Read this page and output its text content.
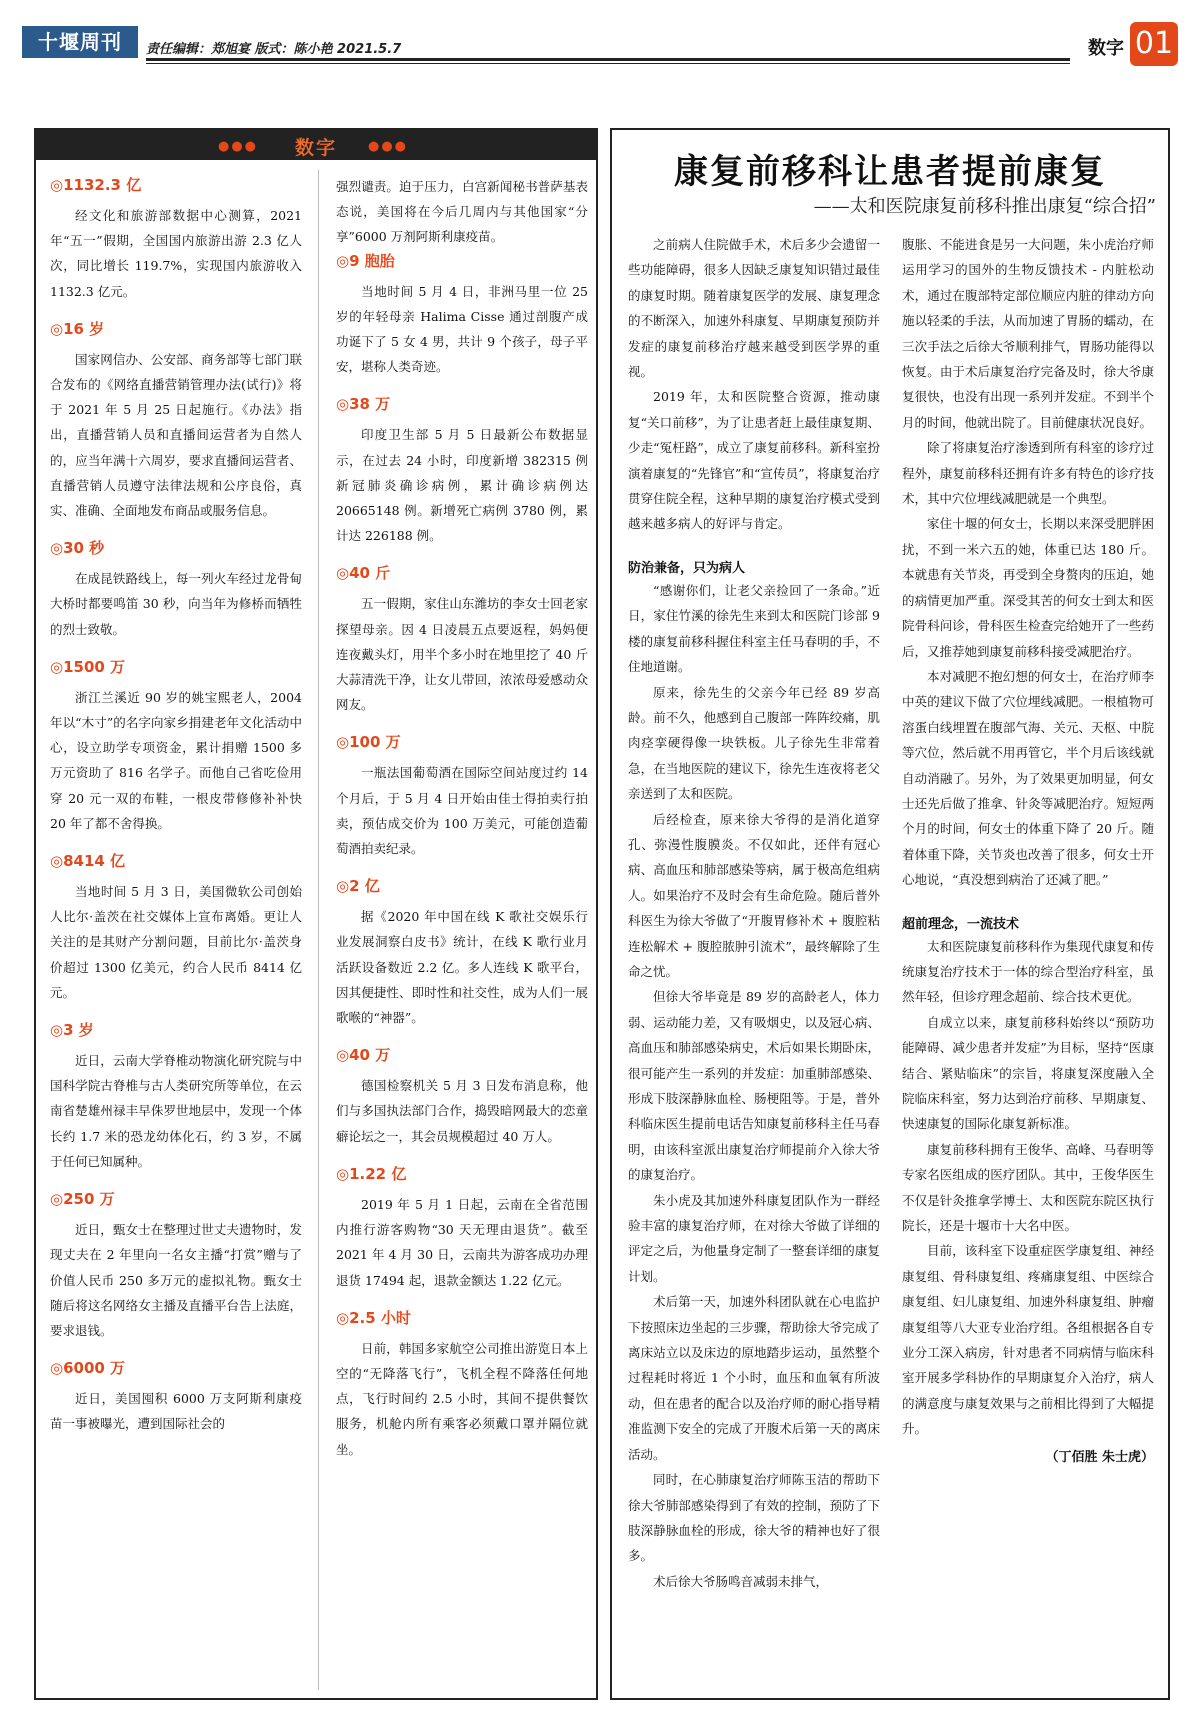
十堰周刊	责任编辑：郑旭宴 版式：陈小艳 2021.5.7	数字 01
●●●	数字	●●●
◎1132.3 亿

经文化和旅游部数据中心测算，2021 年“五一”假期，全国国内旅游出游 2.3 亿人次，同比增长 119.7%，实现国内旅游收入 1132.3 亿元。

◎16 岁

国家网信办、公安部、商务部等七部门联合发布的《网络直播营销管理办法(试行)》将于 2021 年 5 月 25 日起施行。《办法》指出，直播营销人员和直播间运营者为自然人的，应当年满十六周岁，要求直播间运营者、直播营销人员遵守法律法规和公序良俗，真实、准确、全面地发布商品或服务信息。

◎30 秒

在成昆铁路线上，每一列火车经过龙骨甸大桥时都要鸣笛 30 秒，向当年为修桥而牺牲的烈士致敬。

◎1500 万

浙江兰溪近 90 岁的姚宝熙老人，2004 年以“木寸”的名字向家乡捐建老年文化活动中心，设立助学专项资金，累计捐赠 1500 多万元资助了 816 名学子。而他自己省吃俭用穿 20 元一双的布鞋，一根皮带修修补补快 20 年了都不舍得换。

◎8414 亿

当地时间 5 月 3 日，美国微软公司创始人比尔·盖茨在社交媒体上宣布离婚。更让人关注的是其财产分割问题，目前比尔·盖茨身价超过 1300 亿美元，约合人民币 8414 亿元。

◎3 岁

近日，云南大学脊椎动物演化研究院与中国科学院古脊椎与古人类研究所等单位，在云南省楚雄州禄丰早侏罗世地层中，发现一个体长约 1.7 米的恐龙幼体化石，约 3 岁，不属于任何已知属种。

◎250 万

近日，甄女士在整理过世丈夫遗物时，发现丈夫在 2 年里向一名女主播“打赏”赠与了价值人民币 250 多万元的虚拟礼物。甄女士随后将这名网络女主播及直播平台告上法庭，要求退钱。

◎6000 万

近日，美国囤积 6000 万支阿斯利康疫苗一事被曝光，遭到国际社会的

强烈谴责。迫于压力，白宫新闻秘书普萨基表态说，美国将在今后几周内与其他国家“分享”6000 万剂阿斯利康疫苗。

◎9 胞胎

当地时间 5 月 4 日，非洲马里一位 25 岁的年轻母亲 Halima Cisse 通过剖腹产成功诞下了 5 女 4 男，共计 9 个孩子，母子平安，堪称人类奇迹。

◎38 万

印度卫生部 5 月 5 日最新公布数据显示，在过去 24 小时，印度新增 382315 例新冠肺炎确诊病例，累计确诊病例达 20665148 例。新增死亡病例 3780 例，累计达 226188 例。

◎40 斤

五一假期，家住山东潍坊的李女士回老家探望母亲。因 4 日凌晨五点要返程，妈妈便连夜戴头灯，用半个多小时在地里挖了 40 斤大蒜清洗干净，让女儿带回，浓浓母爱感动众网友。

◎100 万

一瓶法国葡萄酒在国际空间站度过约 14 个月后，于 5 月 4 日开始由佳士得拍卖行拍卖，预估成交价为 100 万美元，可能创造葡萄酒拍卖纪录。

◎2 亿

据《2020 年中国在线 K 歌社交娱乐行业发展洞察白皮书》统计，在线 K 歌行业月活跃设备数近 2.2 亿。多人连线 K 歌平台，因其便捷性、即时性和社交性，成为人们一展歌喉的“神器”。

◎40 万

德国检察机关 5 月 3 日发布消息称，他们与多国执法部门合作，捣毁暗网最大的恋童癖论坛之一，其会员规模超过 40 万人。

◎1.22 亿

2019 年 5 月 1 日起，云南在全省范围内推行游客购物“30 天无理由退货”。截至 2021 年 4 月 30 日，云南共为游客成功办理退货 17494 起，退款金额达 1.22 亿元。

◎2.5 小时

日前，韩国多家航空公司推出游览日本上空的“无降落飞行”，飞机全程不降落任何地点，飞行时间约 2.5 小时，其间不提供餐饮服务，机舱内所有乘客必须戴口罩并隔位就坐。

康复前移科让患者提前康复
——太和医院康复前移科推出康复“综合招”

之前病人住院做手术，术后多少会遗留一些功能障碍，很多人因缺乏康复知识错过最佳的康复时期。随着康复医学的发展、康复理念的不断深入，加速外科康复、早期康复预防并发症的康复前移治疗越来越受到医学界的重视。

2019 年，太和医院整合资源，推动康复“关口前移”，为了让患者赶上最佳康复期、少走“冤枉路”，成立了康复前移科。新科室扮演着康复的“先锋官”和“宣传员”，将康复治疗贯穿住院全程，这种早期的康复治疗模式受到越来越多病人的好评与肯定。

防治兼备，只为病人

“感谢你们，让老父亲捡回了一条命。”近日，家住竹溪的徐先生来到太和医院门诊部 9 楼的康复前移科握住科室主任马春明的手，不住地道谢。

原来，徐先生的父亲今年已经 89 岁高龄。前不久，他感到自己腹部一阵阵绞痛，肌肉痉挛硬得像一块铁板。儿子徐先生非常着急，在当地医院的建议下，徐先生连夜将老父亲送到了太和医院。

后经检查，原来徐大爷得的是消化道穿孔、弥漫性腹膜炎。不仅如此，还伴有冠心病、高血压和肺部感染等病，属于极高危组病人。如果治疗不及时会有生命危险。随后普外科医生为徐大爷做了“开腹胃修补术 + 腹腔粘连松解术 + 腹腔脓肿引流术”，最终解除了生命之忧。

但徐大爷毕竟是 89 岁的高龄老人，体力弱、运动能力差，又有吸烟史，以及冠心病、高血压和肺部感染病史，术后如果长期卧床，很可能产生一系列的并发症：加重肺部感染、形成下肢深静脉血栓、肠梗阻等。于是，普外科临床医生提前电话告知康复前移科主任马春明，由该科室派出康复治疗师提前介入徐大爷的康复治疗。

朱小虎及其加速外科康复团队作为一群经验丰富的康复治疗师，在对徐大爷做了详细的评定之后，为他量身定制了一整套详细的康复计划。

术后第一天，加速外科团队就在心电监护下按照床边坐起的三步骤，帮助徐大爷完成了离床站立以及床边的原地踏步运动，虽然整个过程耗时将近 1 个小时，血压和血氧有所波动，但在患者的配合以及治疗师的耐心指导精准监测下安全的完成了开腹术后第一天的离床活动。

同时，在心肺康复治疗师陈玉洁的帮助下徐大爷肺部感染得到了有效的控制，预防了下肢深静脉血栓的形成，徐大爷的精神也好了很多。

术后徐大爷肠鸣音减弱未排气，

腹胀、不能进食是另一大问题，朱小虎治疗师运用学习的国外的生物反馈技术 - 内脏松动术，通过在腹部特定部位顺应内脏的律动方向施以轻柔的手法，从而加速了胃肠的蠕动，在三次手法之后徐大爷顺利排气，胃肠功能得以恢复。由于术后康复治疗完备及时，徐大爷康复很快，也没有出现一系列并发症。不到半个月的时间，他就出院了。目前健康状况良好。

除了将康复治疗渗透到所有科室的诊疗过程外，康复前移科还拥有许多有特色的诊疗技术，其中穴位埋线减肥就是一个典型。

家住十堰的何女士，长期以来深受肥胖困扰，不到一米六五的她，体重已达 180 斤。本就患有关节炎，再受到全身赘肉的压迫，她的病情更加严重。深受其苦的何女士到太和医院骨科问诊，骨科医生检查完给她开了一些药后，又推荐她到康复前移科接受减肥治疗。

本对减肥不抱幻想的何女士，在治疗师李中英的建议下做了穴位埋线减肥。一根植物可溶蛋白线埋置在腹部气海、关元、天枢、中脘等穴位，然后就不用再管它，半个月后该线就自动消融了。另外，为了效果更加明显，何女士还先后做了推拿、针灸等减肥治疗。短短两个月的时间，何女士的体重下降了 20 斤。随着体重下降，关节炎也改善了很多，何女士开心地说，“真没想到病治了还减了肥。”

超前理念，一流技术

太和医院康复前移科作为集现代康复和传统康复治疗技术于一体的综合型治疗科室，虽然年轻，但诊疗理念超前、综合技术更优。

自成立以来，康复前移科始终以“预防功能障碍、减少患者并发症”为目标，坚持“医康结合、紧贴临床”的宗旨，将康复深度融入全院临床科室，努力达到治疗前移、早期康复、快速康复的国际化康复新标准。

康复前移科拥有王俊华、高峰、马春明等专家名医组成的医疗团队。其中，王俊华医生不仅是针灸推拿学博士、太和医院东院区执行院长，还是十堰市十大名中医。

目前，该科室下设重症医学康复组、神经康复组、骨科康复组、疼痛康复组、中医综合康复组、妇儿康复组、加速外科康复组、肿瘤康复组等八大亚专业治疗组。各组根据各自专业分工深入病房，针对患者不同病情与临床科室开展多学科协作的早期康复介入治疗，病人的满意度与康复效果与之前相比得到了大幅提升。

（丁佰胜 朱士虎）
